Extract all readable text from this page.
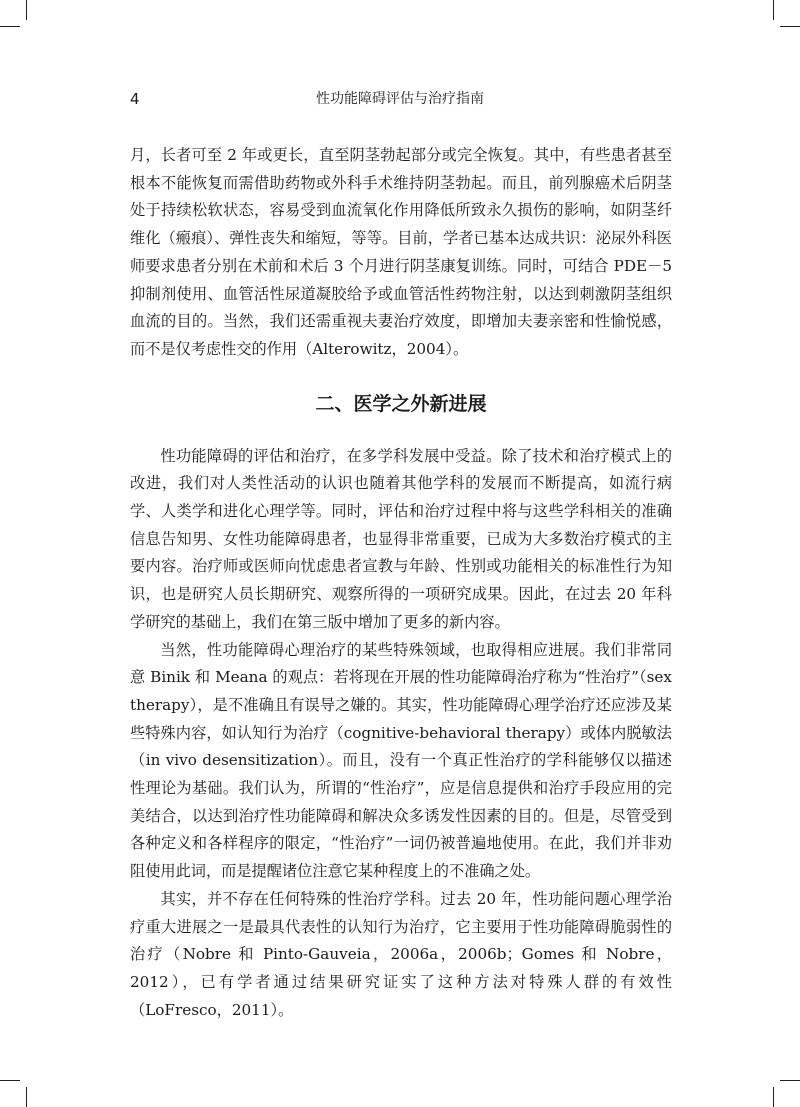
4	性功能障碍评估与治疗指南

月，长者可至 2 年或更长，直至阴茎勃起部分或完全恢复。其中，有些患者甚至根本不能恢复而需借助药物或外科手术维持阴茎勃起。而且，前列腺癌术后阴茎处于持续松软状态，容易受到血流氧化作用降低所致永久损伤的影响，如阴茎纤维化（瘢痕）、弹性丧失和缩短，等等。目前，学者已基本达成共识：泌尿外科医师要求患者分别在术前和术后 3 个月进行阴茎康复训练。同时，可结合 PDE－5 抑制剂使用、血管活性尿道凝胶给予或血管活性药物注射，以达到刺激阴茎组织血流的目的。当然，我们还需重视夫妻治疗效度，即增加夫妻亲密和性愉悦感，而不是仅考虑性交的作用（Alterowitz，2004）。

二、医学之外新进展

性功能障碍的评估和治疗，在多学科发展中受益。除了技术和治疗模式上的改进，我们对人类性活动的认识也随着其他学科的发展而不断提高，如流行病学、人类学和进化心理学等。同时，评估和治疗过程中将与这些学科相关的准确信息告知男、女性功能障碍患者，也显得非常重要，已成为大多数治疗模式的主要内容。治疗师或医师向忧虑患者宣教与年龄、性别或功能相关的标准性行为知识，也是研究人员长期研究、观察所得的一项研究成果。因此，在过去 20 年科学研究的基础上，我们在第三版中增加了更多的新内容。

当然，性功能障碍心理治疗的某些特殊领域，也取得相应进展。我们非常同意 Binik 和 Meana 的观点：若将现在开展的性功能障碍治疗称为“性治疗”（sex therapy），是不准确且有误导之嫌的。其实，性功能障碍心理学治疗还应涉及某些特殊内容，如认知行为治疗（cognitive-behavioral therapy）或体内脱敏法（in vivo desensitization）。而且，没有一个真正性治疗的学科能够仅以描述性理论为基础。我们认为，所谓的“性治疗”，应是信息提供和治疗手段应用的完美结合，以达到治疗性功能障碍和解决众多诱发性因素的目的。但是，尽管受到各种定义和各样程序的限定，“性治疗”一词仍被普遍地使用。在此，我们并非劝阻使用此词，而是提醒诸位注意它某种程度上的不准确之处。

其实，并不存在任何特殊的性治疗学科。过去 20 年，性功能问题心理学治疗重大进展之一是最具代表性的认知行为治疗，它主要用于性功能障碍脆弱性的治疗（Nobre 和 Pinto-Gauveia，2006a，2006b；Gomes 和 Nobre，2012），已有学者通过结果研究证实了这种方法对特殊人群的有效性（LoFresco，2011）。
